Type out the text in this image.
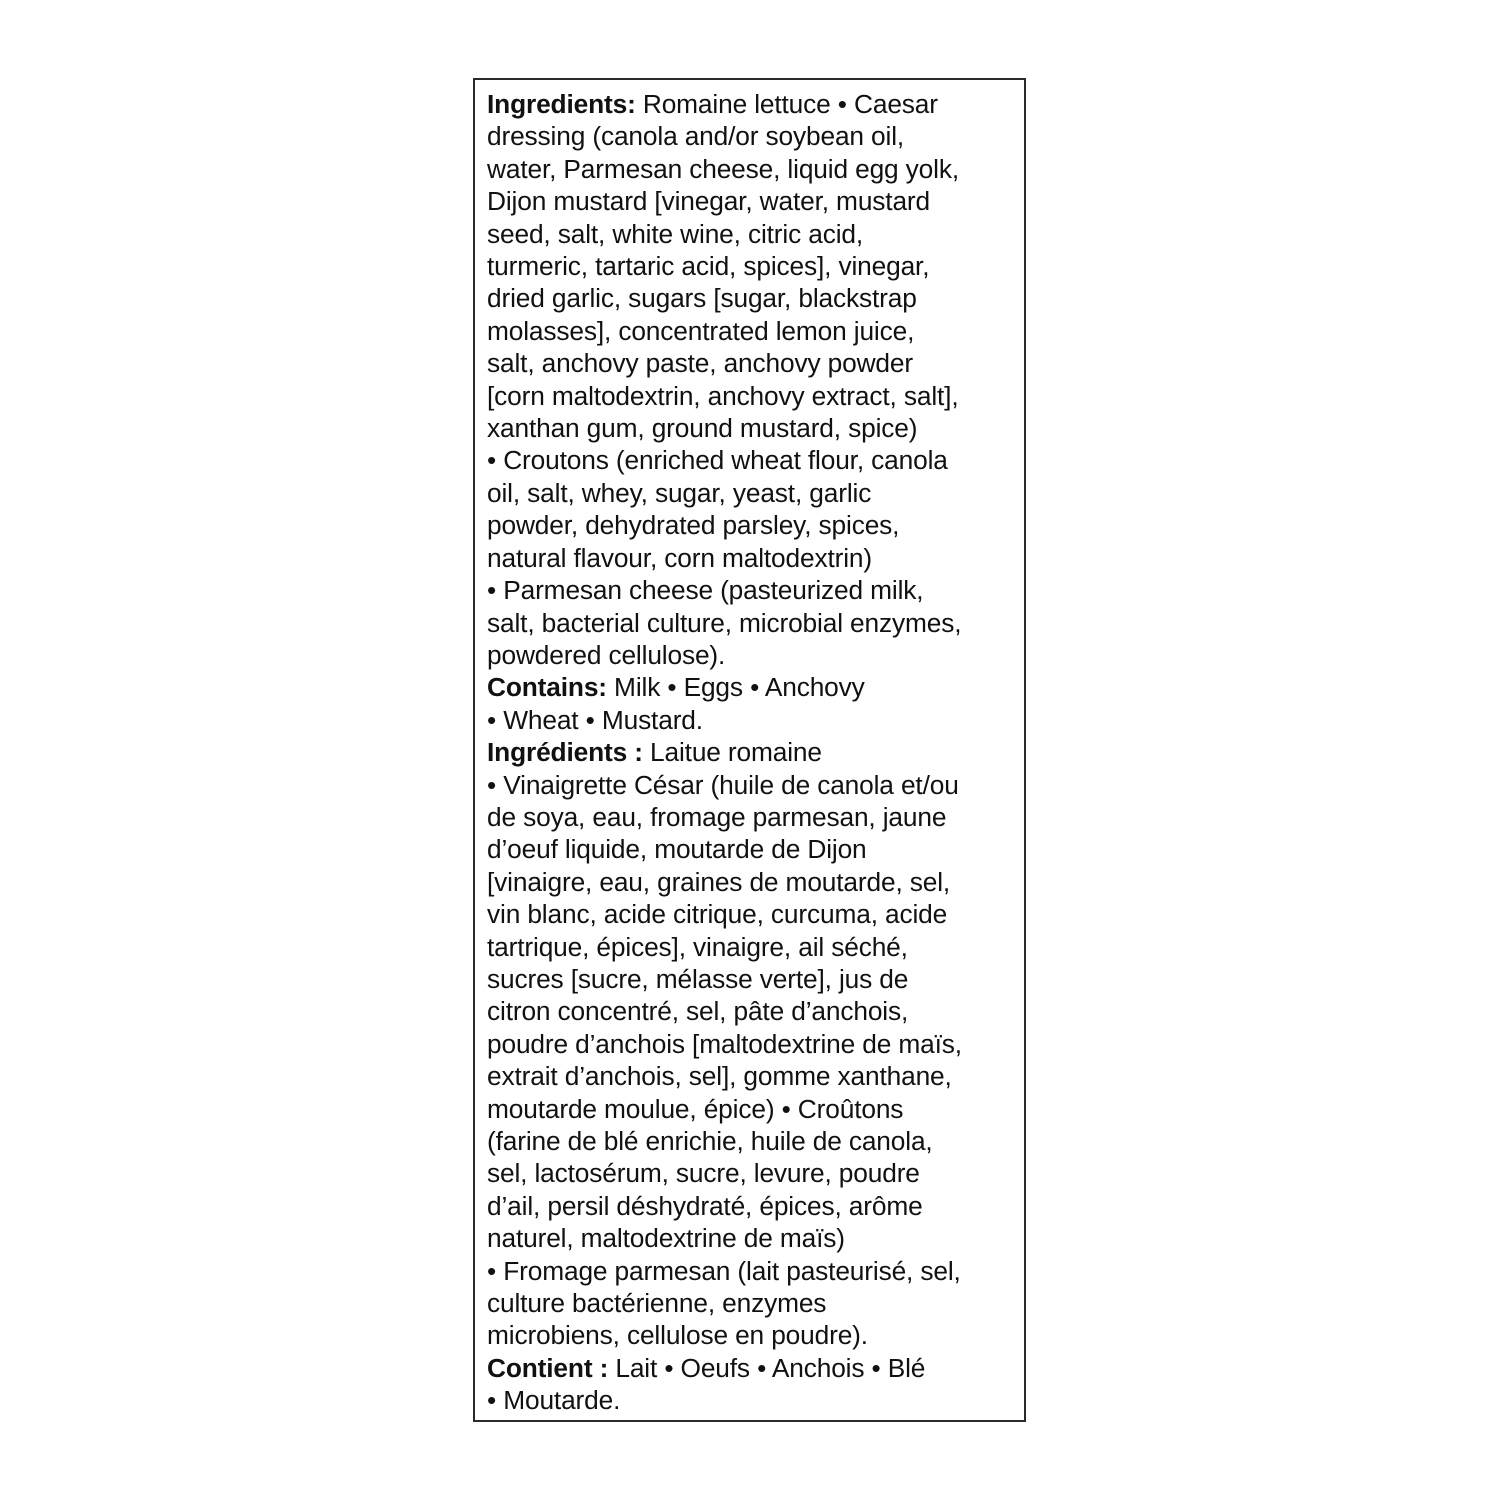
Ingredients: Romaine lettuce • Caesar
dressing (canola and/or soybean oil,
water, Parmesan cheese, liquid egg yolk,
Dijon mustard [vinegar, water, mustard
seed, salt, white wine, citric acid,
turmeric, tartaric acid, spices], vinegar,
dried garlic, sugars [sugar, blackstrap
molasses], concentrated lemon juice,
salt, anchovy paste, anchovy powder
[corn maltodextrin, anchovy extract, salt],
xanthan gum, ground mustard, spice)
• Croutons (enriched wheat flour, canola
oil, salt, whey, sugar, yeast, garlic
powder, dehydrated parsley, spices,
natural flavour, corn maltodextrin)
• Parmesan cheese (pasteurized milk,
salt, bacterial culture, microbial enzymes,
powdered cellulose).
Contains: Milk • Eggs • Anchovy
• Wheat • Mustard.
Ingrédients : Laitue romaine
• Vinaigrette César (huile de canola et/ou
de soya, eau, fromage parmesan, jaune
d’oeuf liquide, moutarde de Dijon
[vinaigre, eau, graines de moutarde, sel,
vin blanc, acide citrique, curcuma, acide
tartrique, épices], vinaigre, ail séché,
sucres [sucre, mélasse verte], jus de
citron concentré, sel, pâte d’anchois,
poudre d’anchois [maltodextrine de maïs,
extrait d’anchois, sel], gomme xanthane,
moutarde moulue, épice) • Croûtons
(farine de blé enrichie, huile de canola,
sel, lactosérum, sucre, levure, poudre
d’ail, persil déshydraté, épices, arôme
naturel, maltodextrine de maïs)
• Fromage parmesan (lait pasteurisé, sel,
culture bactérienne, enzymes
microbiens, cellulose en poudre).
Contient : Lait • Oeufs • Anchois • Blé
• Moutarde.
